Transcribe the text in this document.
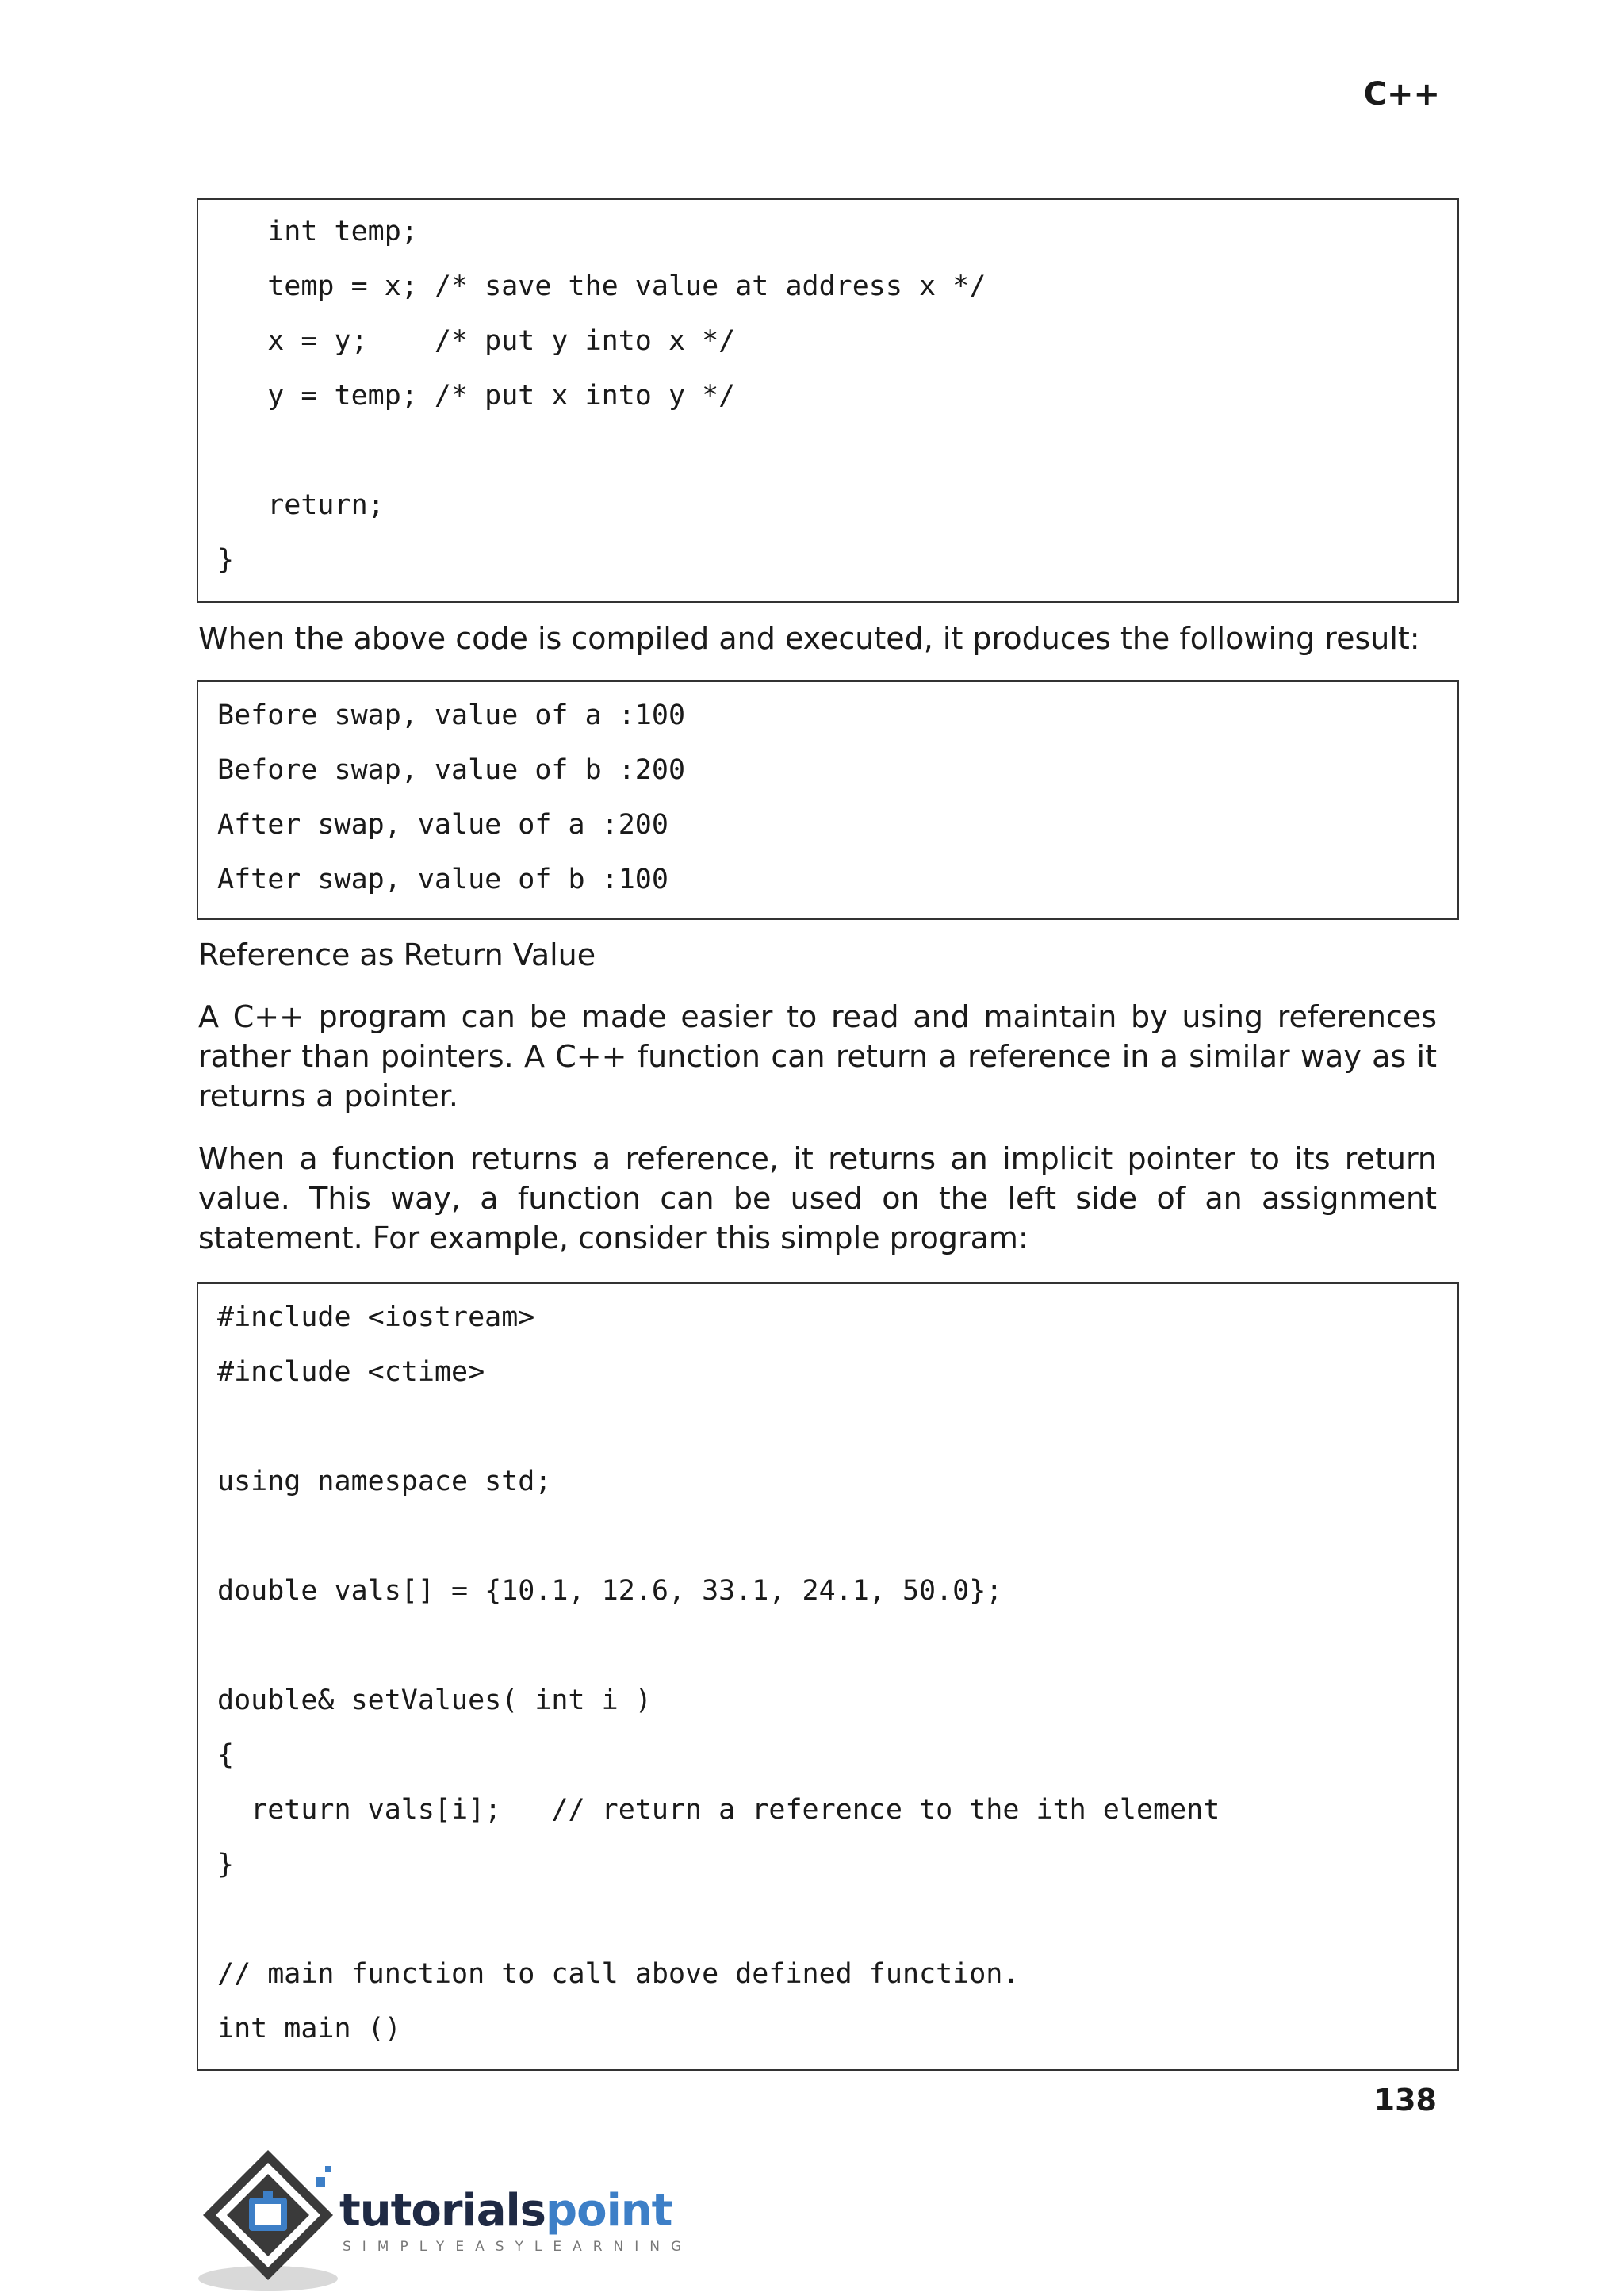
C++
int temp;
temp = x; /* save the value at address x */
x = y;    /* put y into x */
y = temp; /* put x into y */
return;
}
When the above code is compiled and executed, it produces the following result:
Before swap, value of a :100
Before swap, value of b :200
After swap, value of a :200
After swap, value of b :100
Reference as Return Value
A C++ program can be made easier to read and maintain by using references rather than pointers. A C++ function can return a reference in a similar way as it returns a pointer.
When a function returns a reference, it returns an implicit pointer to its return value. This way, a function can be used on the left side of an assignment statement. For example, consider this simple program:
#include <iostream>
#include <ctime>
using namespace std;
double vals[] = {10.1, 12.6, 33.1, 24.1, 50.0};
double& setValues( int i )
{
return vals[i];   // return a reference to the ith element
}
// main function to call above defined function.
int main ()
138
tutorialspoint
SIMPLYEASYLEARNING
